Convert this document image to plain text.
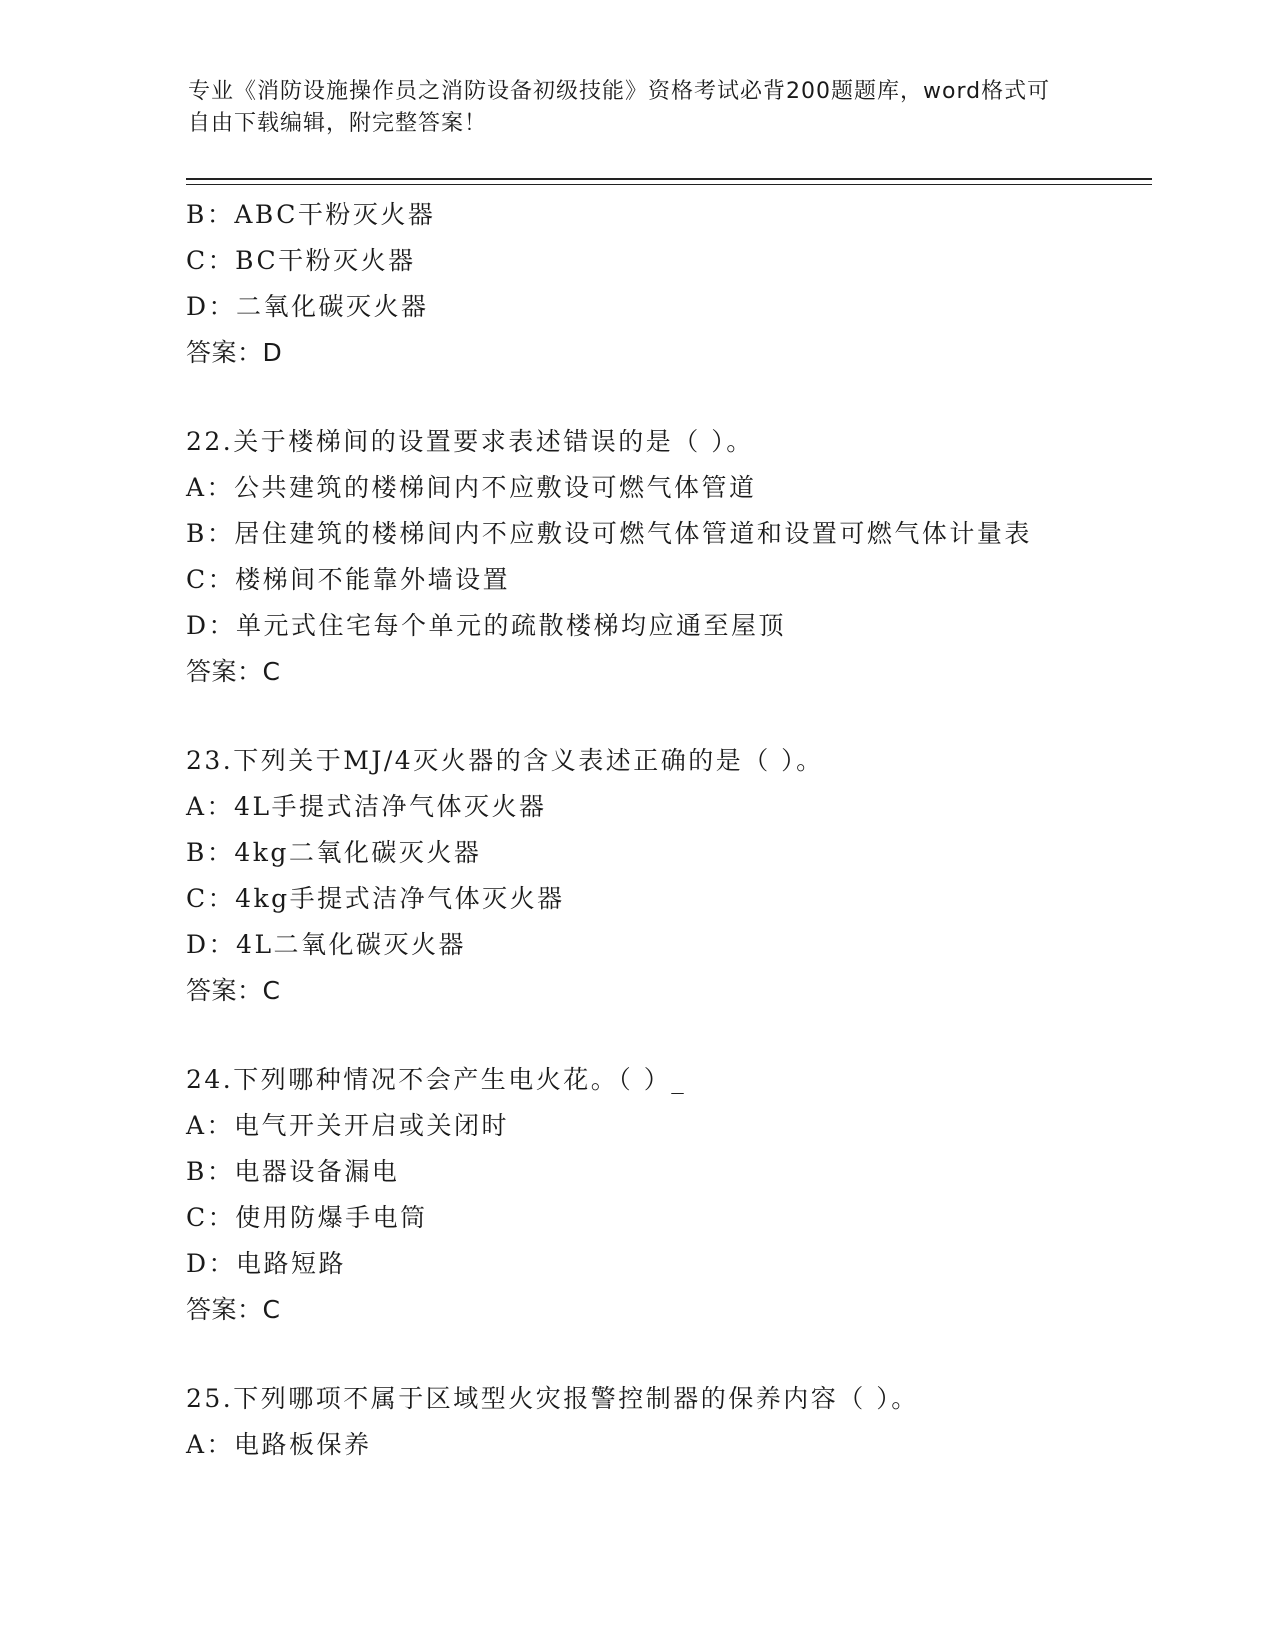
专业《消防设施操作员之消防设备初级技能》资格考试必背200题题库，word格式可自由下载编辑，附完整答案！
B：ABC干粉灭火器
C：BC干粉灭火器
D：二氧化碳灭火器
答案：D
22.关于楼梯间的设置要求表述错误的是（ ）。
A：公共建筑的楼梯间内不应敷设可燃气体管道
B：居住建筑的楼梯间内不应敷设可燃气体管道和设置可燃气体计量表
C：楼梯间不能靠外墙设置
D：单元式住宅每个单元的疏散楼梯均应通至屋顶
答案：C
23.下列关于MJ/4灭火器的含义表述正确的是（ ）。
A：4L手提式洁净气体灭火器
B：4kg二氧化碳灭火器
C：4kg手提式洁净气体灭火器
D：4L二氧化碳灭火器
答案：C
24.下列哪种情况不会产生电火花。（ ）_
A：电气开关开启或关闭时
B：电器设备漏电
C：使用防爆手电筒
D：电路短路
答案：C
25.下列哪项不属于区域型火灾报警控制器的保养内容（ ）。
A：电路板保养
